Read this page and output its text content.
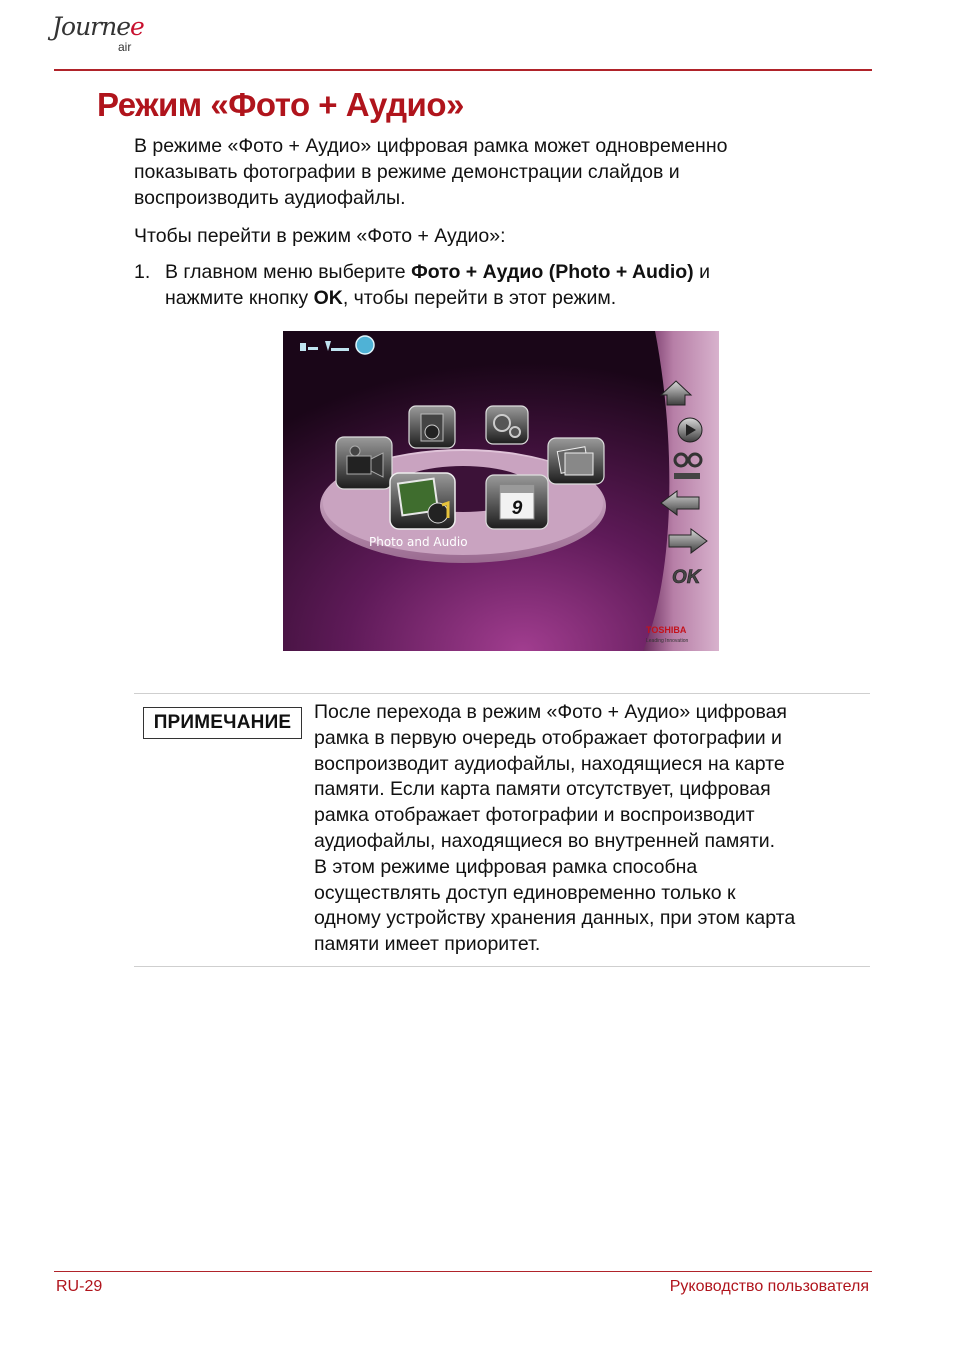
Journee
air
Режим «Фото + Аудио»

В режиме «Фото + Аудио» цифровая рамка может одновременно
показывать фотографии в режиме демонстрации слайдов и
воспроизводить аудиофайлы.

Чтобы перейти в режим «Фото + Аудио»:

1. В главном меню выберите Фото + Аудио (Photo + Audio) и
нажмите кнопку OK, чтобы перейти в этот режим.
9
Photo and Audio
OK
TOSHIBA
Leading Innovation
ПРИМЕЧАНИЕ	После перехода в режим «Фото + Аудио» цифровая
рамка в первую очередь отображает фотографии и
воспроизводит аудиофайлы, находящиеся на карте
памяти. Если карта памяти отсутствует, цифровая
рамка отображает фотографии и воспроизводит
аудиофайлы, находящиеся во внутренней памяти.
В этом режиме цифровая рамка способна
осуществлять доступ единовременно только к
одному устройству хранения данных, при этом карта
памяти имеет приоритет.

RU-29	Руководство пользователя
